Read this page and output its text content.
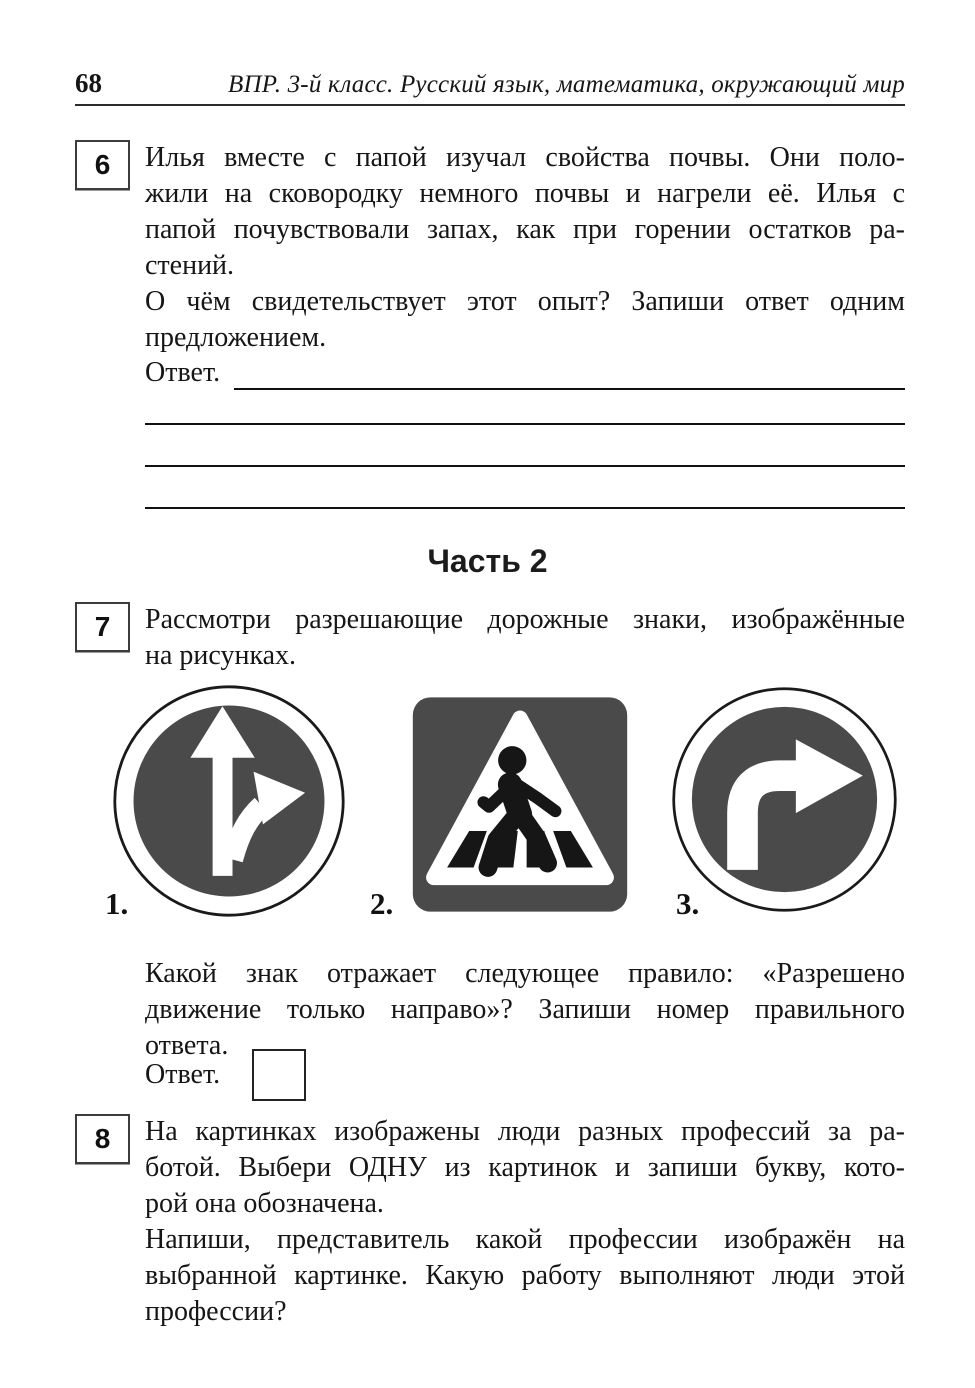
68	ВПР. 3-й класс. Русский язык, математика, окружающий мир
6	Илья вместе с папой изучал свойства почвы. Они поло-
жили на сковородку немного почвы и нагрели её. Илья с
папой почувствовали запах, как при горении остатков ра-
стений.
О чём свидетельствует этот опыт? Запиши ответ одним
предложением.
Ответ.
Часть 2
7	Рассмотри разрешающие дорожные знаки, изображённые
на рисунках.
1.	2.	3.
Какой знак отражает следующее правило: «Разрешено
движение только направо»? Запиши номер правильного
ответа.
Ответ.
8	На картинках изображены люди разных профессий за ра-
ботой. Выбери ОДНУ из картинок и запиши букву, кото-
рой она обозначена.
Напиши, представитель какой профессии изображён на
выбранной картинке. Какую работу выполняют люди этой
профессии?
